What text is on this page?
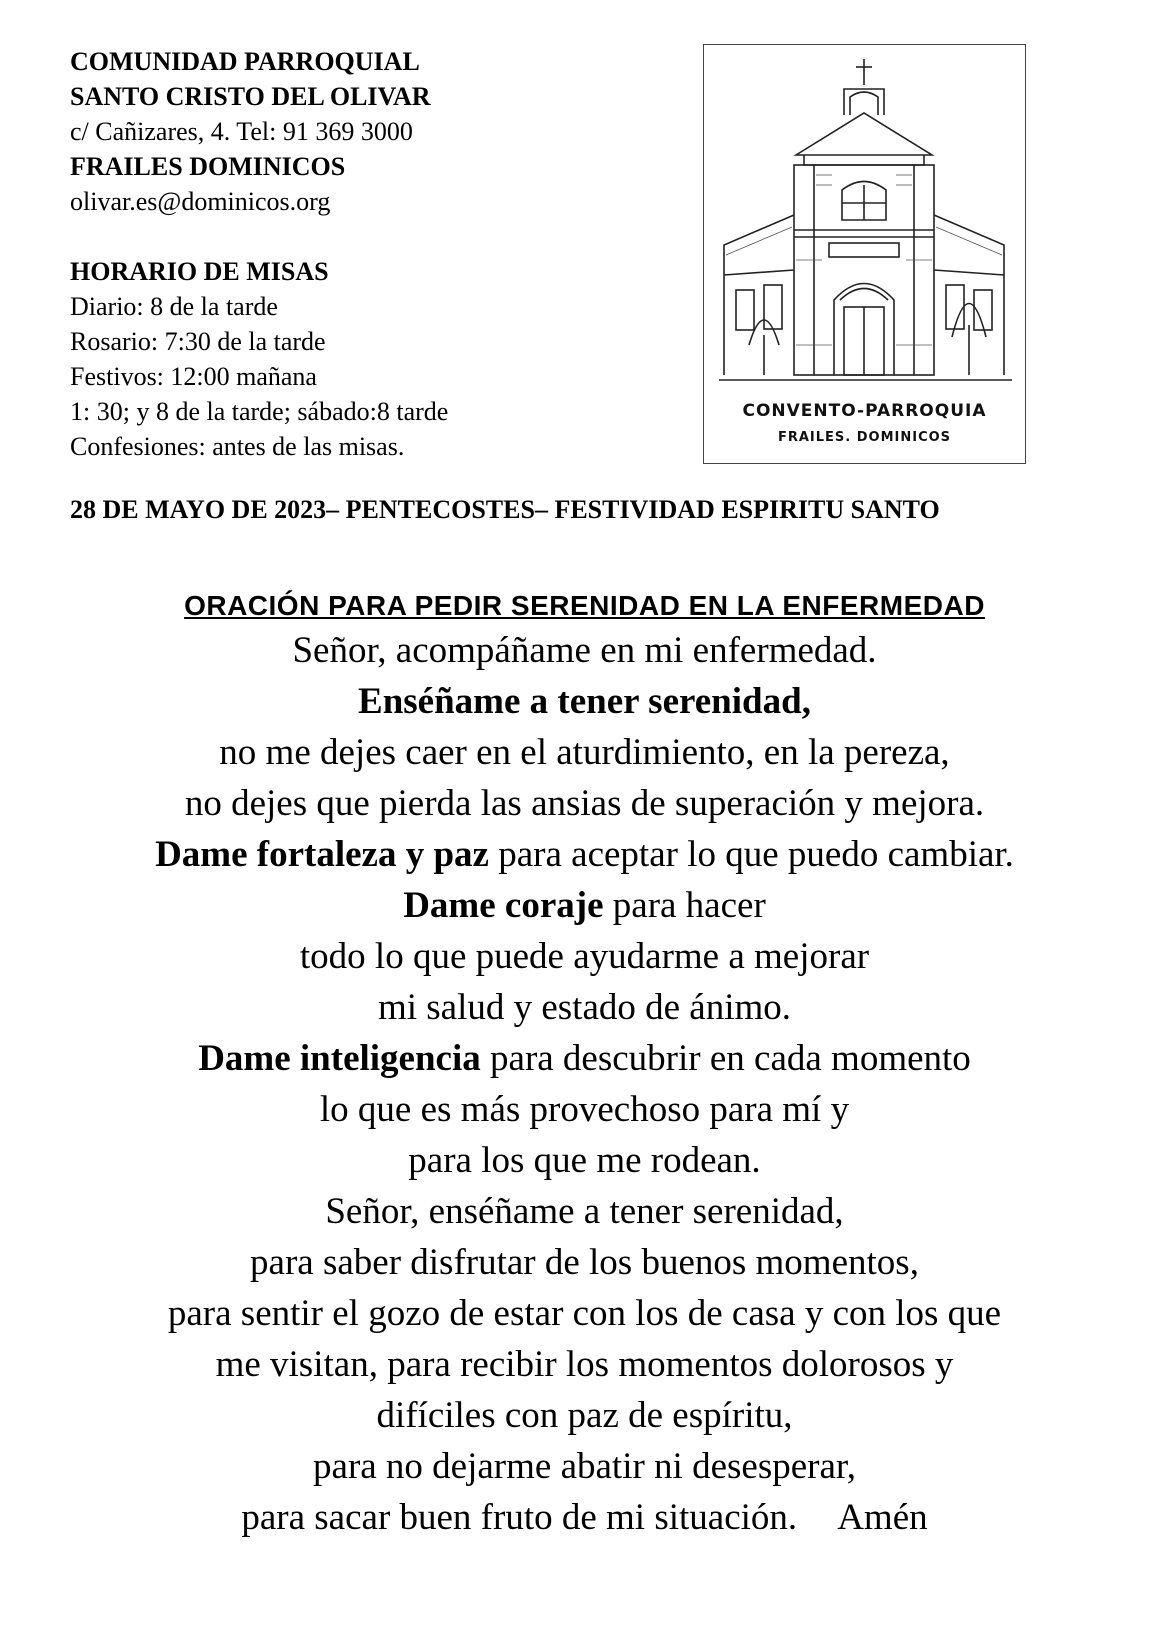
COMUNIDAD PARROQUIAL
SANTO CRISTO DEL OLIVAR
c/ Cañizares, 4. Tel: 91 369 3000
FRAILES DOMINICOS
olivar.es@dominicos.org
HORARIO DE MISAS
Diario: 8 de la tarde
Rosario: 7:30 de la tarde
Festivos: 12:00 mañana
1: 30; y 8 de la tarde; sábado:8 tarde
Confesiones: antes de las misas.
CONVENTO-PARROQUIA
FRAILES. DOMINICOS
28 DE MAYO DE 2023– PENTECOSTES– FESTIVIDAD ESPIRITU SANTO
ORACIÓN PARA PEDIR SERENIDAD EN LA ENFERMEDAD
Señor, acompáñame en mi enfermedad.
Enséñame a tener serenidad,
no me dejes caer en el aturdimiento, en la pereza,
no dejes que pierda las ansias de superación y mejora.
Dame fortaleza y paz para aceptar lo que puedo cambiar.
Dame coraje para hacer
todo lo que puede ayudarme a mejorar
mi salud y estado de ánimo.
Dame inteligencia para descubrir en cada momento
lo que es más provechoso para mí y
para los que me rodean.
Señor, enséñame a tener serenidad,
para saber disfrutar de los buenos momentos,
para sentir el gozo de estar con los de casa y con los que
me visitan, para recibir los momentos dolorosos y
difíciles con paz de espíritu,
para no dejarme abatir ni desesperar,
para sacar buen fruto de mi situación. Amén
